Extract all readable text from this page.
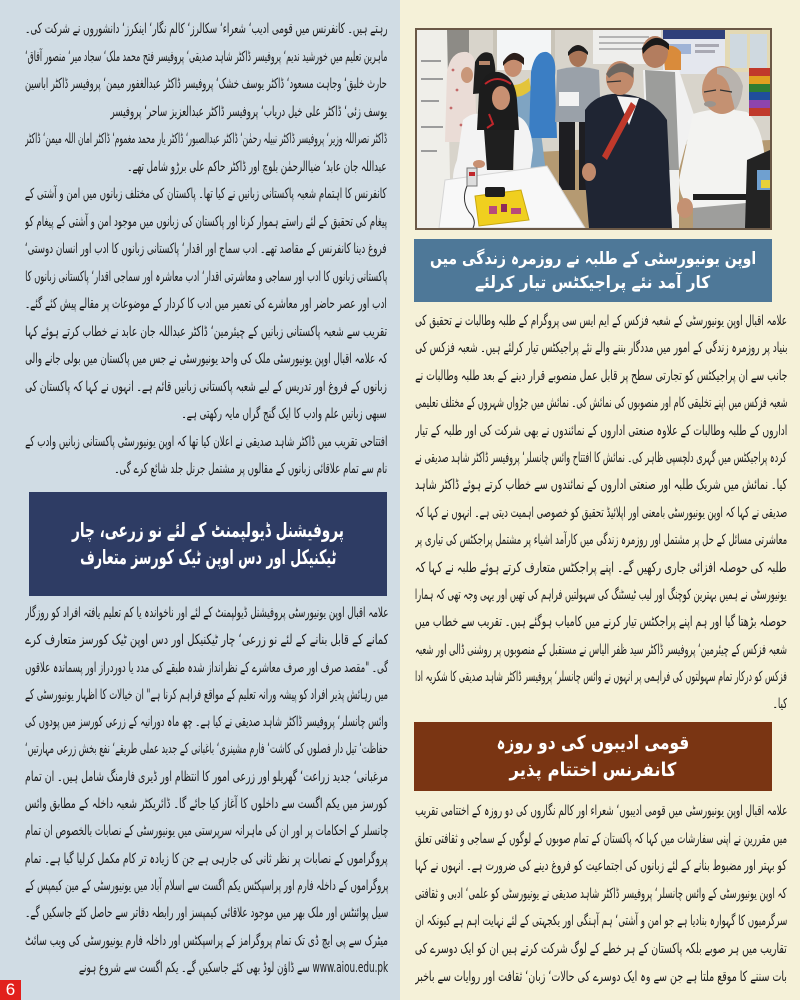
رہتے ہیں۔ کانفرنس میں قومی ادیب‘ شعراء‘ سکالرز‘ کالم نگار‘ اینکرز‘ دانشوروں نے شرکت کی۔
ماہرین تعلیم میں خورشید ندیم‘ پروفیسر ڈاکٹر شاہد صدیقی‘ پروفیسر فتح محمد ملک‘ سجاد میر‘ منصور آفاق‘
حارث خلیق‘ وجاہت مسعود‘ ڈاکٹر یوسف خشک‘ پروفیسر ڈاکٹر عبدالغفور میمن‘ پروفیسر ڈاکٹر اباسین
یوسف زئی‘ ڈاکٹر علی خیل دریاب‘ پروفیسر ڈاکٹر عبدالعزیز ساحر‘ پروفیسر
ڈاکٹر نصراللہ وزیر‘ پروفیسر ڈاکٹر نبیلہ رحمٰن‘ ڈاکٹر عبدالصبور‘ ڈاکٹر یار محمد مغموم‘ ڈاکٹر امان اللہ میمن‘ ڈاکٹر
عبداللہ جان عابد‘ ضیاالرحمٰن بلوچ اور ڈاکٹر حاکم علی برڑو شامل تھے۔
کانفرنس کا اہتمام شعبہ پاکستانی زبانیں نے کیا تھا۔ پاکستان کی مختلف زبانوں میں امن و آشتی کے
پیغام کی تحقیق کے لئے راستے ہموار کرنا اور پاکستان کی زبانوں میں موجود امن و آشتی کے پیغام کو
فروغ دینا کانفرنس کے مقاصد تھے۔ ادب سماج اور اقدار‘ پاکستانی زبانوں کا ادب اور انسان دوستی‘
پاکستانی زبانوں کا ادب اور سماجی و معاشرتی اقدار‘ ادب معاشرہ اور سماجی اقدار‘ پاکستانی زبانوں کا
ادب اور عصر حاضر اور معاشرے کی تعمیر میں ادب کا کردار کے موضوعات پر مقالے پیش کئے گئے۔
تقریب سے شعبہ پاکستانی زبانیں کے چیئرمین‘ ڈاکٹر عبداللہ جان عابد نے خطاب کرتے ہوئے کہا
کہ علامہ اقبال اوپن یونیورسٹی ملک کی واحد یونیورسٹی نے جس میں پاکستان میں بولی جانے والی
زبانوں کے فروغ اور تدریس کے لیے شعبہ پاکستانی زبانیں قائم ہے۔ انہوں نے کہا کہ پاکستان کی
سبھی زبانیں علم وادب کا ایک گنج گراں مایہ رکھتی ہے۔
افتتاحی تقریب میں ڈاکٹر شاہد صدیقی نے اعلان کیا تھا کہ اوپن یونیورسٹی پاکستانی زبانیں وادب کے
نام سے تمام علاقائی زبانوں کے مقالوں پر مشتمل جرنل جلد شائع کرے گی۔
پروفیشنل ڈیولپمنٹ کے لئے نو زرعی، چار
ٹیکنیکل اور دس اوپن ٹیک کورسز متعارف
علامہ اقبال اوپن یونیورسٹی پروفیشنل ڈیولپمنٹ کے لئے اور ناخواندہ یا کم تعلیم یافتہ افراد کو روزگار
کمانے کے قابل بنانے کے لئے نو زرعی‘ چار ٹیکنیکل اور دس اوپن ٹیک کورسز متعارف کرے
گی۔ "مقصد صرف اور صرف معاشرے کے نظرانداز شدہ طبقے کی مدد یا دوردراز اور پسماندہ علاقوں
میں رہائش پذیر افراد کو پیشہ ورانہ تعلیم کے مواقع فراہم کرنا ہے" ان خیالات کا اظہار یونیورسٹی کے
وائس چانسلر‘ پروفیسر ڈاکٹر شاہد صدیقی نے کیا ہے۔ چھ ماہ دورانیہ کے زرعی کورسز میں پودوں کی
حفاظت‘ تیل دار فصلوں کی کاشت‘ فارم مشینری‘ باغبانی کے جدید عملی طریقے‘ نفع بخش زرعی مہارتیں‘
مرغبانی‘ جدید زراعت‘ گھریلو اور زرعی امور کا انتظام اور ڈیری فارمنگ شامل ہیں۔ ان تمام
کورسز میں یکم اگست سے داخلوں کا آغاز کیا جائے گا۔ ڈائریکٹر شعبہ داخلہ کے مطابق وائس
چانسلر کے احکامات پر اور ان کی ماہرانہ سرپرستی میں یونیورسٹی کے نصابات بالخصوص ان تمام
پروگراموں کے نصابات پر نظر ثانی کی جارہی ہے جن کا زیادہ تر کام مکمل کرلیا گیا ہے۔ تمام
پروگراموں کے داخلہ فارم اور پراسپکٹس یکم اگست سے اسلام آباد میں یونیورسٹی کے مین کیمپس کے
سیل پوائنٹس اور ملک بھر میں موجود علاقائی کیمپسز اور رابطہ دفاتر سے حاصل کئے جاسکیں گے۔
میٹرک سے پی ایچ ڈی تک تمام پروگرامز کے پراسپکٹس اور داخلہ فارم یونیورسٹی کی ویب سائٹ
www.aiou.edu.pk سے ڈاؤن لوڈ بھی کئے جاسکیں گے۔ یکم اگست سے شروع ہونے
6
اوپن یونیورسٹی کے طلبہ نے روزمرہ زندگی میں
کار آمد نئے پراجیکٹس تیار کرلئے
علامہ اقبال اوپن یونیورسٹی کے شعبہ فزکس کے ایم ایس سی پروگرام کے طلبہ وطالبات نے تحقیق کی
بنیاد پر روزمرہ زندگی کے امور میں مددگار بننے والے نئے پراجیکٹس تیار کرلئے ہیں۔ شعبہ فزکس کی
جانب سے ان پراجیکٹس کو تجارتی سطح پر قابل عمل منصوبے قرار دینے کے بعد طلبہ وطالبات نے
شعبہ فزکس میں اپنے تخلیقی کام اور منصوبوں کی نمائش کی۔ نمائش میں جڑواں شہروں کے مختلف تعلیمی
اداروں کے طلبہ وطالبات کے علاوہ صنعتی اداروں کے نمائندوں نے بھی شرکت کی اور طلبہ کے تیار
کردہ پراجیکٹس میں گہری دلچسپی ظاہر کی۔ نمائش کا افتتاح وائس چانسلر‘ پروفیسر ڈاکٹر شاہد صدیقی نے
کیا۔ نمائش میں شریک طلبہ اور صنعتی اداروں کے نمائندوں سے خطاب کرتے ہوئے ڈاکٹر شاہد
صدیقی نے کہا کہ اوپن یونیورسٹی بامعنی اور اپلائیڈ تحقیق کو خصوصی اہمیت دیتی ہے۔ انہوں نے کہا کہ
معاشرتی مسائل کے حل پر مشتمل اور روزمرہ زندگی میں کارآمد اشیاء پر مشتمل پراجکٹس کی تیاری پر
طلبہ کی حوصلہ افزائی جاری رکھیں گے۔ اپنے پراجکٹس متعارف کرتے ہوئے طلبہ نے کہا کہ
یونیورسٹی نے ہمیں بہترین کوچنگ اور لیب ٹیسٹنگ کی سہولتیں فراہم کی تھیں اور یہی وجہ تھی کہ ہمارا
حوصلہ بڑھتا گیا اور ہم اپنے پراجکٹس تیار کرنے میں کامیاب ہوگئے ہیں۔ تقریب سے خطاب میں
شعبہ فزکس کے چیئرمین‘ پروفیسر ڈاکٹر سید ظفر الیاس نے مستقبل کے منصوبوں پر روشنی ڈالی اور شعبہ
فزکس کو درکار تمام سہولتوں کی فراہمی پر انہوں نے وائس چانسلر‘ پروفیسر ڈاکٹر شاہد صدیقی کا شکریہ ادا
کیا۔
قومی ادیبوں کی دو روزہ
کانفرنس اختتام پذیر
علامہ اقبال اوپن یونیورسٹی میں قومی ادیبوں‘ شعراء اور کالم نگاروں کی دو روزہ کے اختتامی تقریب
میں مقررین نے اپنی سفارشات میں کہا کہ پاکستان کے تمام صوبوں کے لوگوں کے سماجی و ثقافتی تعلق
کو بہتر اور مضبوط بنانے کے لئے زبانوں کی اجتماعیت کو فروغ دینے کی ضرورت ہے۔ انہوں نے کہا
کہ اوپن یونیورسٹی کے وائس چانسلر‘ پروفیسر ڈاکٹر شاہد صدیقی نے یونیورسٹی کو علمی‘ ادبی و ثقافتی
سرگرمیوں کا گہوارہ بنادیا ہے جو امن و آشتی‘ ہم آہنگی اور یکجہتی کے لئے نہایت اہم ہے کیونکہ ان
تقاریب میں ہر صوبے بلکہ پاکستان کے ہر خطے کے لوگ شرکت کرتے ہیں ان کو ایک دوسرے کی
بات سننے کا موقع ملتا ہے جن سے وہ ایک دوسرے کی حالات‘ زبان‘ ثقافت اور روایات سے باخبر
